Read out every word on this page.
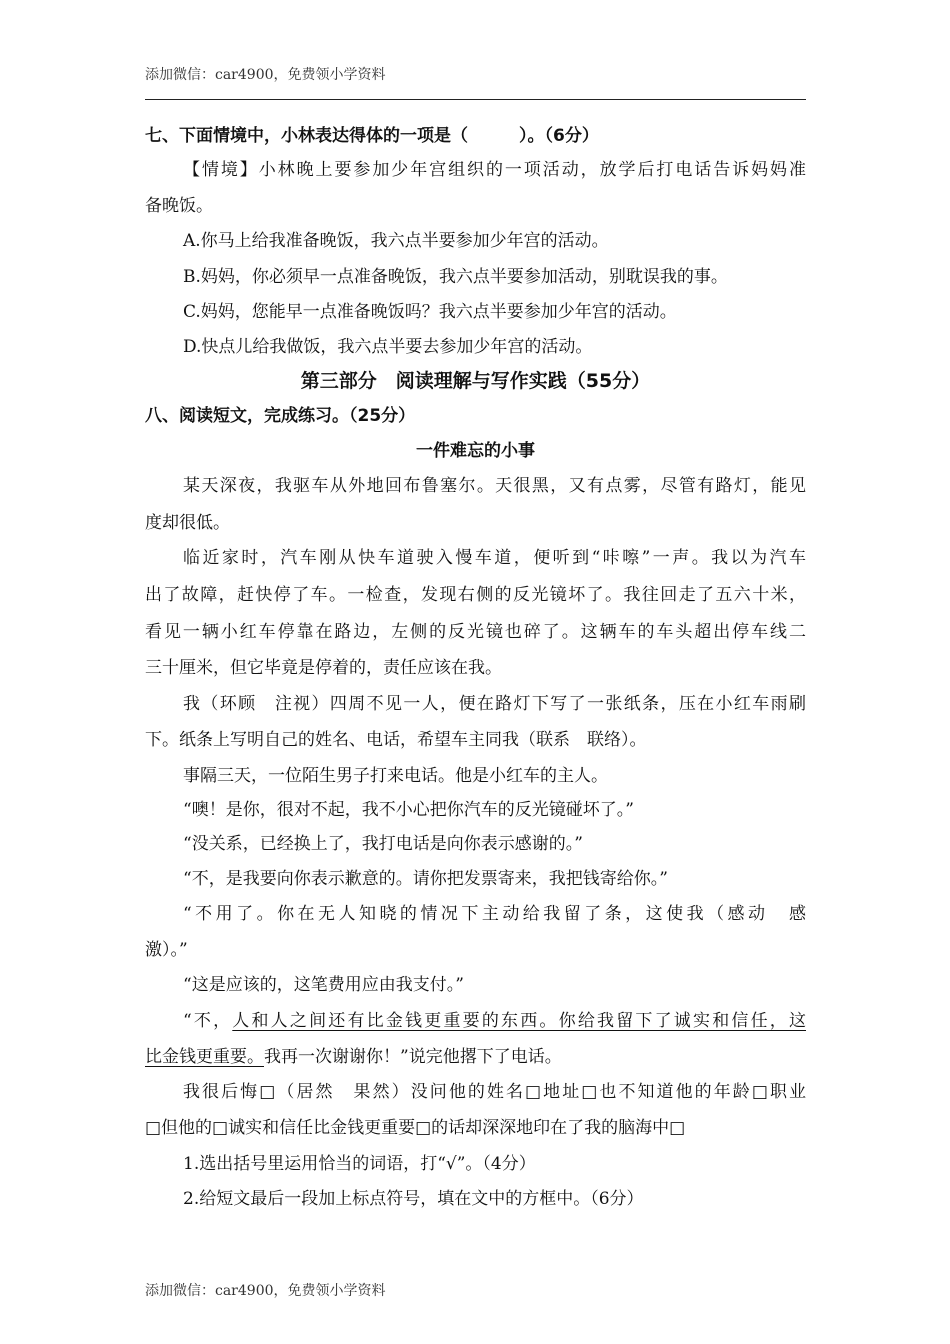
添加微信：car4900，免费领小学资料
七、下面情境中，小林表达得体的一项是（　　　）。（6分）
【情境】小林晚上要参加少年宫组织的一项活动，放学后打电话告诉妈妈准
备晚饭。
A.你马上给我准备晚饭，我六点半要参加少年宫的活动。
B.妈妈，你必须早一点准备晚饭，我六点半要参加活动，别耽误我的事。
C.妈妈，您能早一点准备晚饭吗？我六点半要参加少年宫的活动。
D.快点儿给我做饭，我六点半要去参加少年宫的活动。
第三部分　阅读理解与写作实践（55分）
八、阅读短文，完成练习。（25分）
一件难忘的小事
某天深夜，我驱车从外地回布鲁塞尔。天很黑，又有点雾，尽管有路灯，能见
度却很低。
临近家时，汽车刚从快车道驶入慢车道，便听到“咔嚓”一声。我以为汽车
出了故障，赶快停了车。一检查，发现右侧的反光镜坏了。我往回走了五六十米，
看见一辆小红车停靠在路边，左侧的反光镜也碎了。这辆车的车头超出停车线二
三十厘米，但它毕竟是停着的，责任应该在我。
我（环顾　注视）四周不见一人，便在路灯下写了一张纸条，压在小红车雨刷
下。纸条上写明自己的姓名、电话，希望车主同我（联系　联络）。
事隔三天，一位陌生男子打来电话。他是小红车的主人。
“噢！是你，很对不起，我不小心把你汽车的反光镜碰坏了。”
“没关系，已经换上了，我打电话是向你表示感谢的。”
“不，是我要向你表示歉意的。请你把发票寄来，我把钱寄给你。”
“不用了。你在无人知晓的情况下主动给我留了条，这使我（感动　感
激）。”
“这是应该的，这笔费用应由我支付。”
“不，人和人之间还有比金钱更重要的东西。你给我留下了诚实和信任，这
比金钱更重要。我再一次谢谢你！”说完他撂下了电话。
我很后悔□（居然　果然）没问他的姓名□地址□也不知道他的年龄□职业
□但他的□诚实和信任比金钱更重要□的话却深深地印在了我的脑海中□
1.选出括号里运用恰当的词语，打“√”。（4分）
2.给短文最后一段加上标点符号，填在文中的方框中。（6分）
添加微信：car4900，免费领小学资料
